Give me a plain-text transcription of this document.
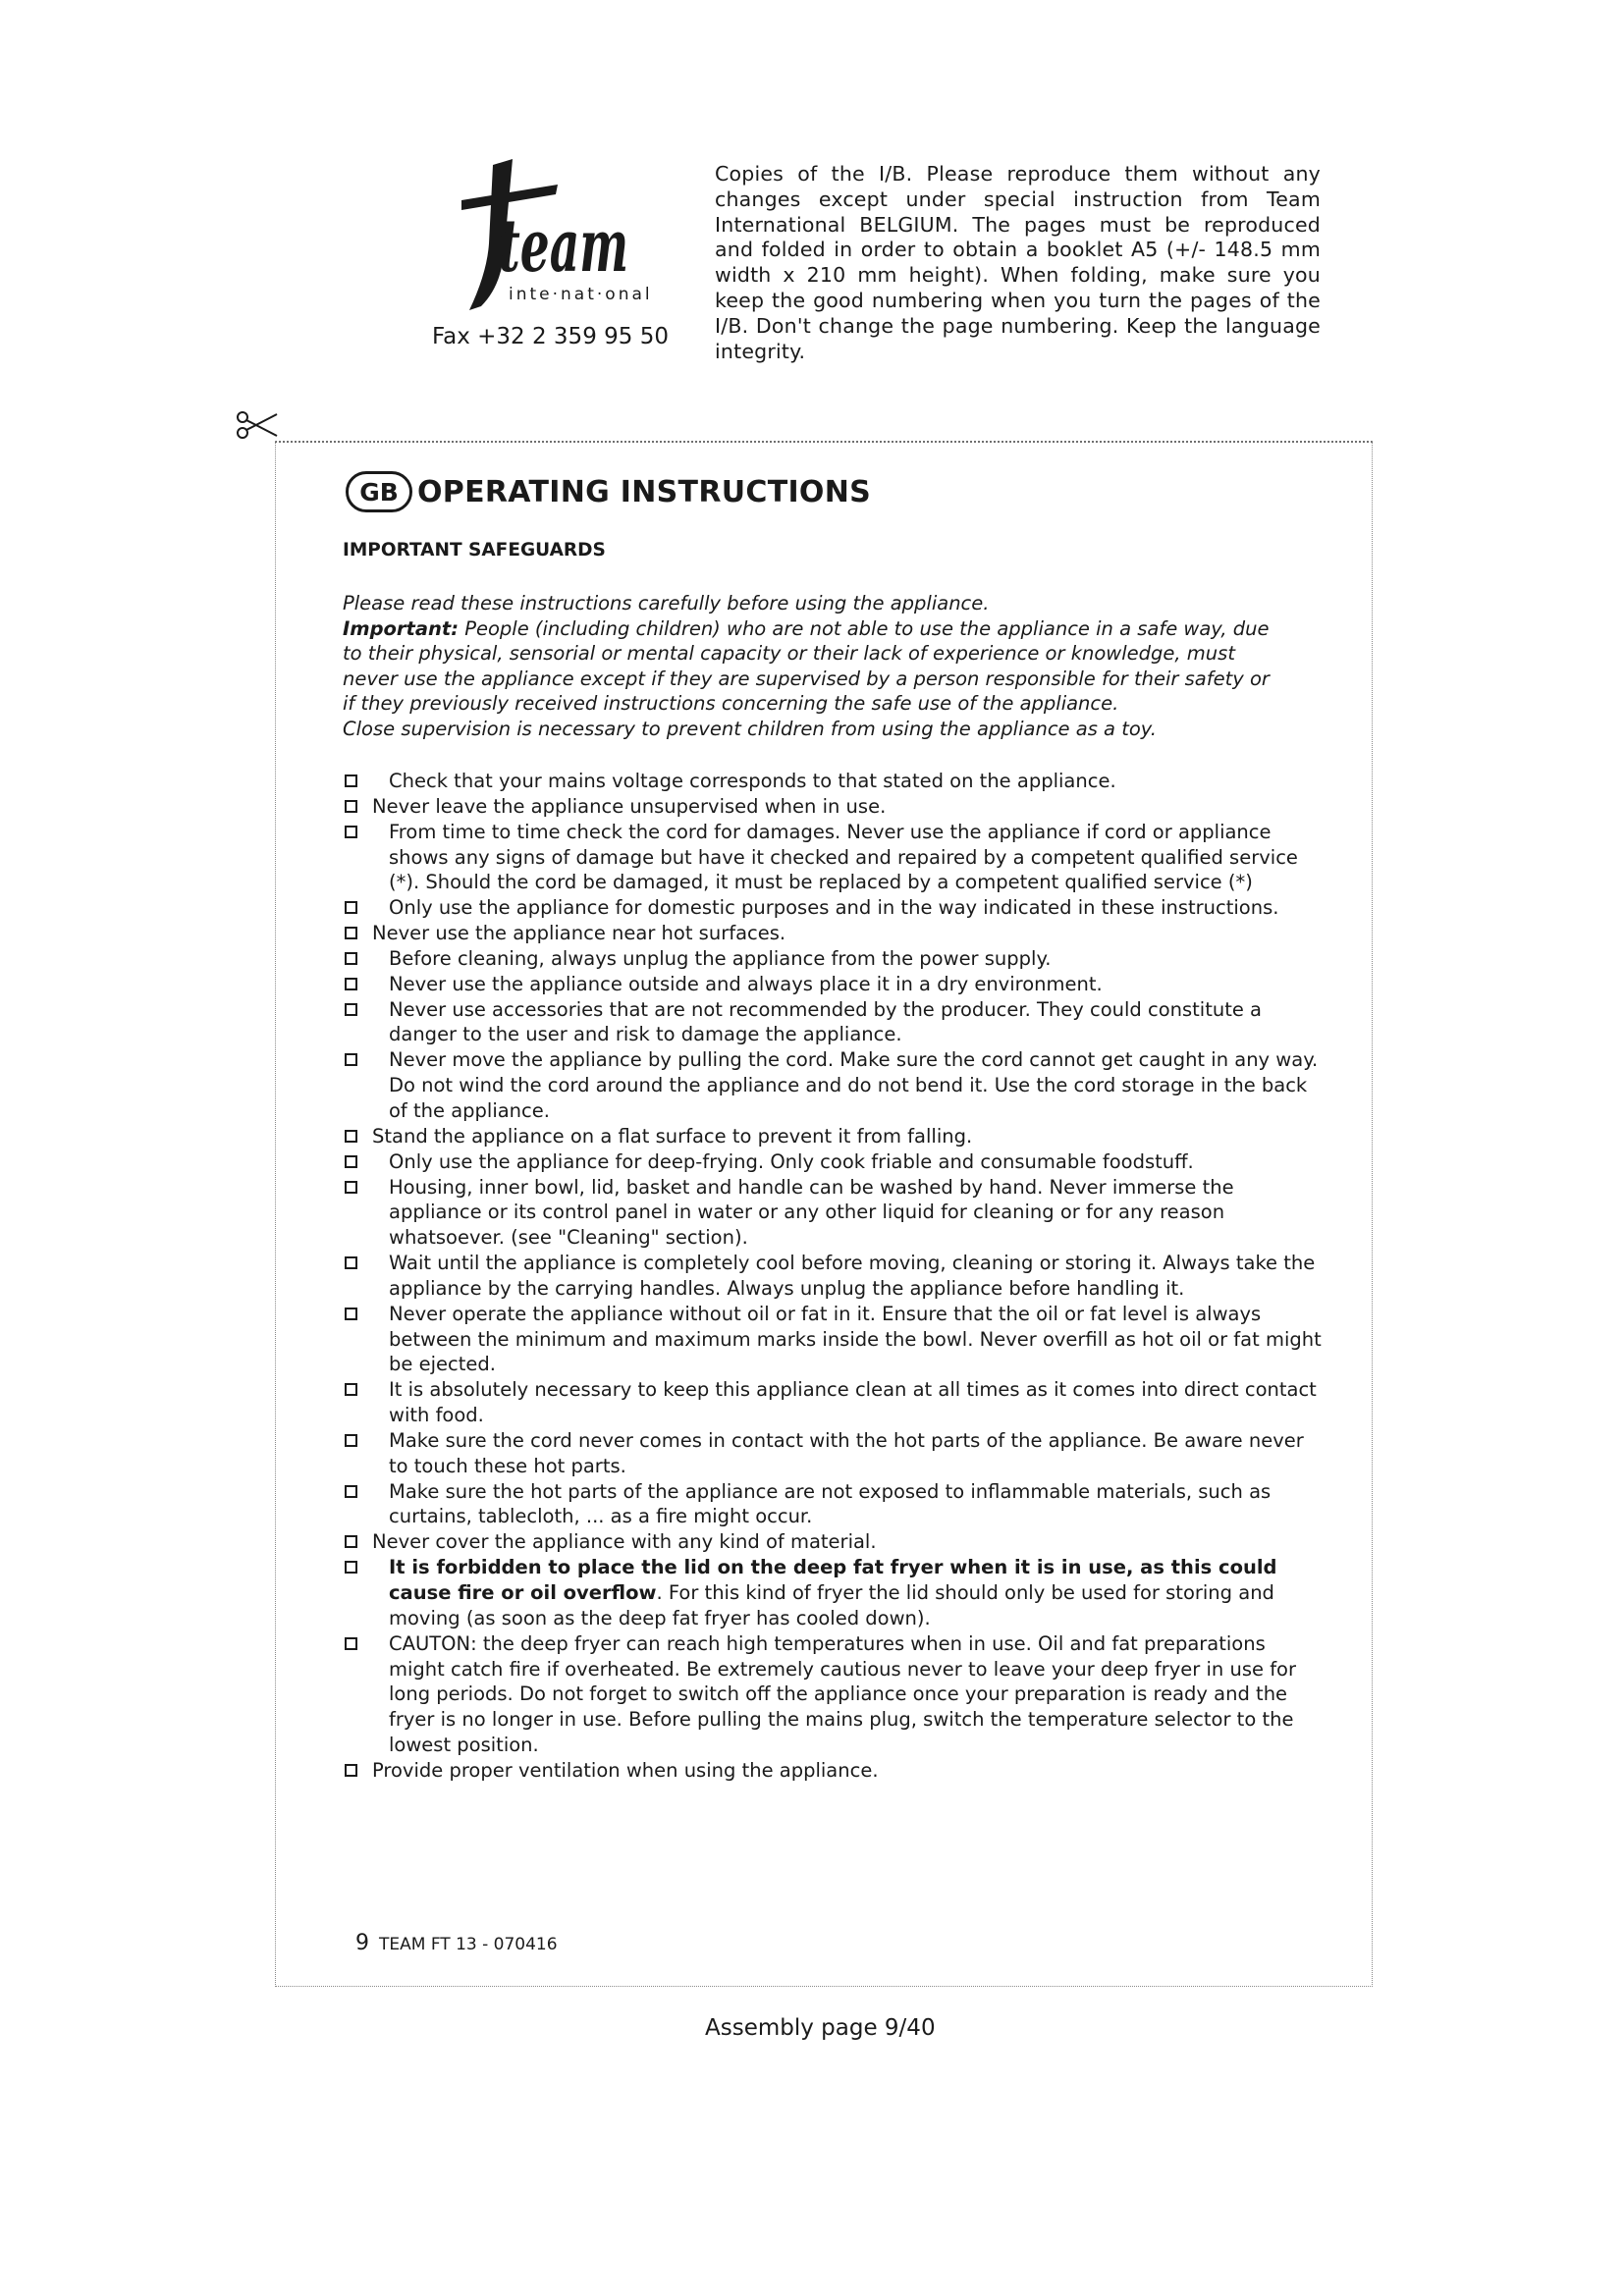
team
inte·nat·onal
Fax +32 2 359 95 50
Copies of the I/B. Please reproduce them without any changes except under special instruction from Team International BELGIUM. The pages must be reproduced and folded in order to obtain a booklet A5 (+/- 148.5 mm width x 210 mm height). When folding, make sure you keep the good numbering when you turn the pages of the I/B. Don't change the page numbering. Keep the language integrity.
GB OPERATING INSTRUCTIONS
IMPORTANT SAFEGUARDS

Please read these instructions carefully before using the appliance.

Important: People (including children) who are not able to use the appliance in a safe way, due to their physical, sensorial or mental capacity or their lack of experience or knowledge, must never use the appliance except if they are supervised by a person responsible for their safety or if they previously received instructions concerning the safe use of the appliance.

Close supervision is necessary to prevent children from using the appliance as a toy.

Check that your mains voltage corresponds to that stated on the appliance.
Never leave the appliance unsupervised when in use.
From time to time check the cord for damages. Never use the appliance if cord or appliance shows any signs of damage but have it checked and repaired by a competent qualified service (*). Should the cord be damaged, it must be replaced by a competent qualified service (*)
Only use the appliance for domestic purposes and in the way indicated in these instructions.
Never use the appliance near hot surfaces.
Before cleaning, always unplug the appliance from the power supply.
Never use the appliance outside and always place it in a dry environment.
Never use accessories that are not recommended by the producer. They could constitute a danger to the user and risk to damage the appliance.
Never move the appliance by pulling the cord. Make sure the cord cannot get caught in any way. Do not wind the cord around the appliance and do not bend it. Use the cord storage in the back of the appliance.
Stand the appliance on a flat surface to prevent it from falling.
Only use the appliance for deep-frying. Only cook friable and consumable foodstuff.
Housing, inner bowl, lid, basket and handle can be washed by hand. Never immerse the appliance or its control panel in water or any other liquid for cleaning or for any reason whatsoever. (see "Cleaning" section).
Wait until the appliance is completely cool before moving, cleaning or storing it. Always take the appliance by the carrying handles. Always unplug the appliance before handling it.
Never operate the appliance without oil or fat in it. Ensure that the oil or fat level is always between the minimum and maximum marks inside the bowl. Never overfill as hot oil or fat might be ejected.
It is absolutely necessary to keep this appliance clean at all times as it comes into direct contact with food.
Make sure the cord never comes in contact with the hot parts of the appliance. Be aware never to touch these hot parts.
Make sure the hot parts of the appliance are not exposed to inflammable materials, such as curtains, tablecloth, ... as a fire might occur.
Never cover the appliance with any kind of material.
It is forbidden to place the lid on the deep fat fryer when it is in use, as this could cause fire or oil overflow. For this kind of fryer the lid should only be used for storing and moving (as soon as the deep fat fryer has cooled down).
CAUTON: the deep fryer can reach high temperatures when in use. Oil and fat preparations might catch fire if overheated. Be extremely cautious never to leave your deep fryer in use for long periods. Do not forget to switch off the appliance once your preparation is ready and the fryer is no longer in use. Before pulling the mains plug, switch the temperature selector to the lowest position.
Provide proper ventilation when using the appliance.
9 TEAM FT 13 - 070416
Assembly page 9/40
